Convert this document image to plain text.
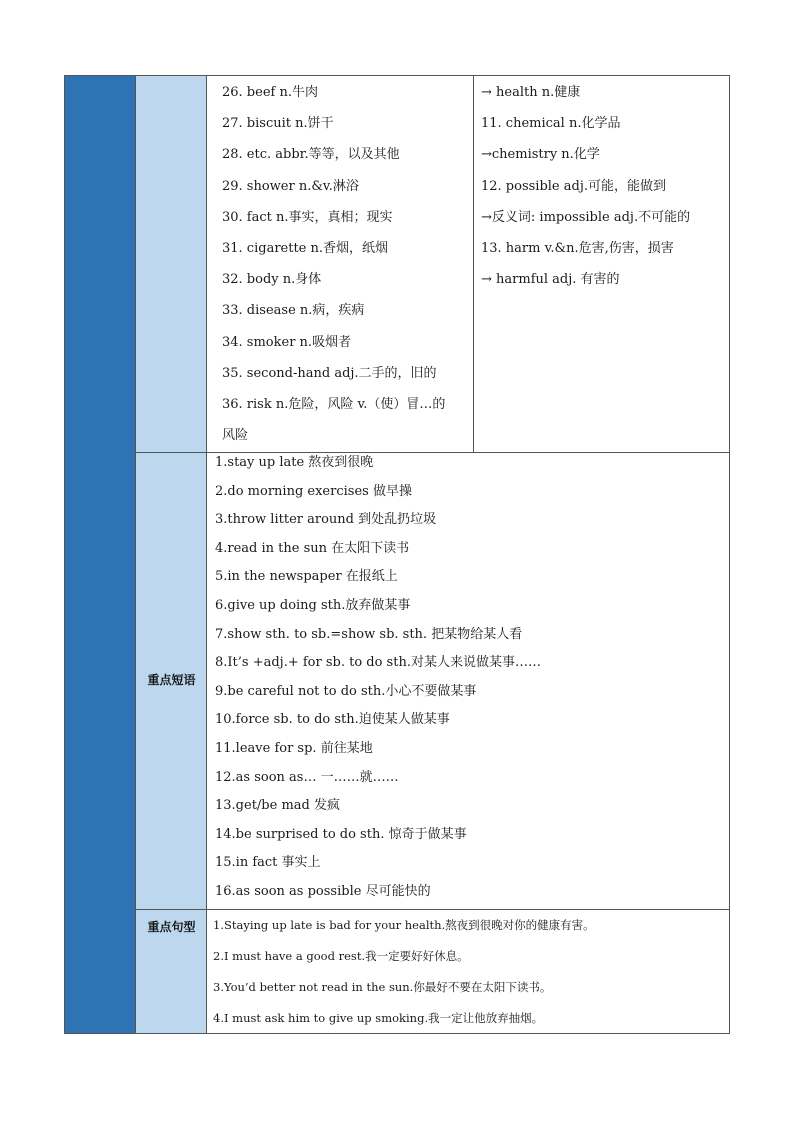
26. beef n.牛肉
27. biscuit n.饼干
28. etc. abbr.等等，以及其他
29. shower n.&v.淋浴
30. fact n.事实，真相；现实
31. cigarette n.香烟，纸烟
32. body n.身体
33. disease n.病，疾病
34. smoker n.吸烟者
35. second-hand adj.二手的，旧的
36. risk n.危险，风险 v.（使）冒…的
风险
→ health n.健康
11. chemical n.化学品
→chemistry n.化学
12. possible adj.可能，能做到
→反义词: impossible adj.不可能的
13. harm v.&n.危害,伤害，损害
→ harmful adj. 有害的
重点短语
1.stay up late 熬夜到很晚
2.do morning exercises 做早操
3.throw litter around 到处乱扔垃圾
4.read in the sun 在太阳下读书
5.in the newspaper 在报纸上
6.give up doing sth.放弃做某事
7.show sth. to sb.=show sb. sth. 把某物给某人看
8.It’s +adj.+ for sb. to do sth.对某人来说做某事……
9.be careful not to do sth.小心不要做某事
10.force sb. to do sth.迫使某人做某事
11.leave for sp. 前往某地
12.as soon as… 一……就……
13.get/be mad 发疯
14.be surprised to do sth. 惊奇于做某事
15.in fact 事实上
16.as soon as possible 尽可能快的
重点句型	1.Staying up late is bad for your health.熬夜到很晚对你的健康有害。
2.I must have a good rest.我一定要好好休息。
3.You’d better not read in the sun.你最好不要在太阳下读书。
4.I must ask him to give up smoking.我一定让他放弃抽烟。
